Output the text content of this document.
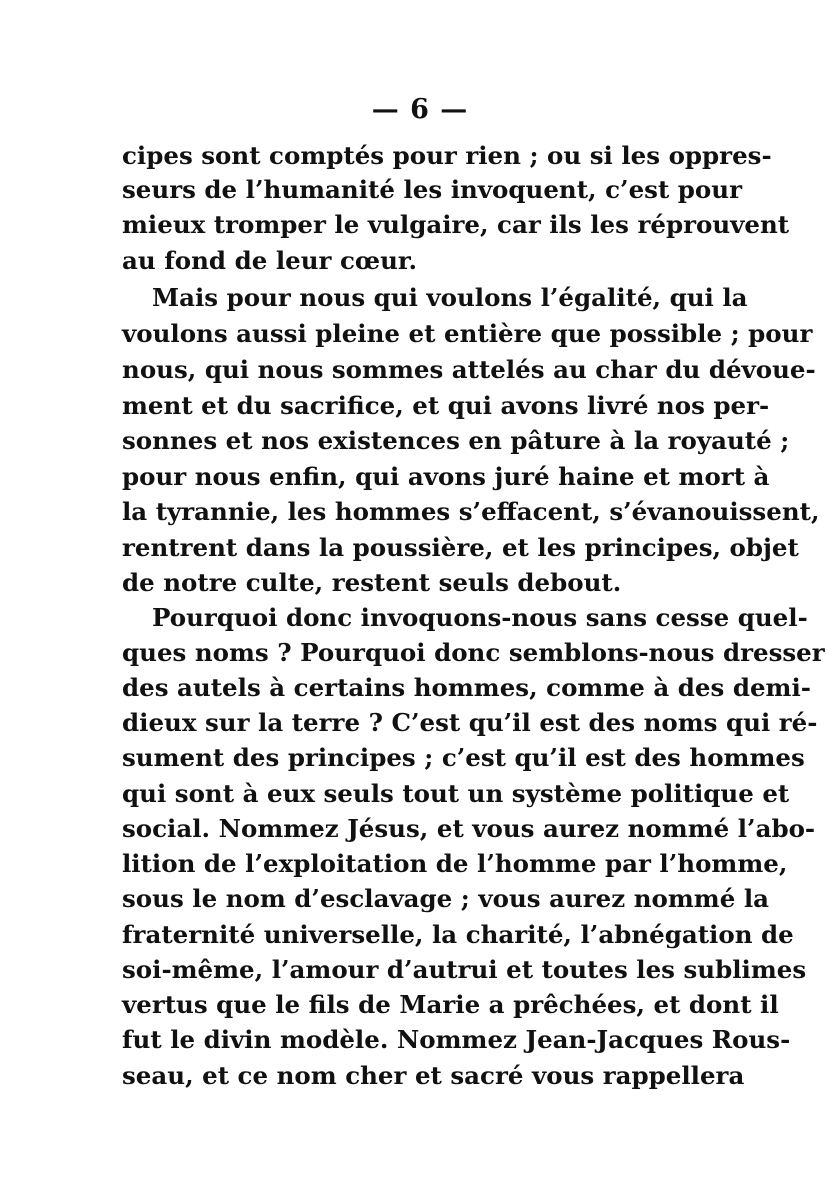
— 6 —
cipes sont comptés pour rien ; ou si les oppres-
seurs de l’humanité les invoquent, c’est pour
mieux tromper le vulgaire, car ils les réprouvent
au fond de leur cœur.
Mais pour nous qui voulons l’égalité, qui la
voulons aussi pleine et entière que possible ; pour
nous, qui nous sommes attelés au char du dévoue-
ment et du sacrifice, et qui avons livré nos per-
sonnes et nos existences en pâture à la royauté ;
pour nous enfin, qui avons juré haine et mort à
la tyrannie, les hommes s’effacent, s’évanouissent,
rentrent dans la poussière, et les principes, objet
de notre culte, restent seuls debout.
Pourquoi donc invoquons-nous sans cesse quel-
ques noms ? Pourquoi donc semblons-nous dresser
des autels à certains hommes, comme à des demi-
dieux sur la terre ? C’est qu’il est des noms qui ré-
sument des principes ; c’est qu’il est des hommes
qui sont à eux seuls tout un système politique et
social. Nommez Jésus, et vous aurez nommé l’abo-
lition de l’exploitation de l’homme par l’homme,
sous le nom d’esclavage ; vous aurez nommé la
fraternité universelle, la charité, l’abnégation de
soi-même, l’amour d’autrui et toutes les sublimes
vertus que le fils de Marie a prêchées, et dont il
fut le divin modèle. Nommez Jean-Jacques Rous-
seau, et ce nom cher et sacré vous rappellera
